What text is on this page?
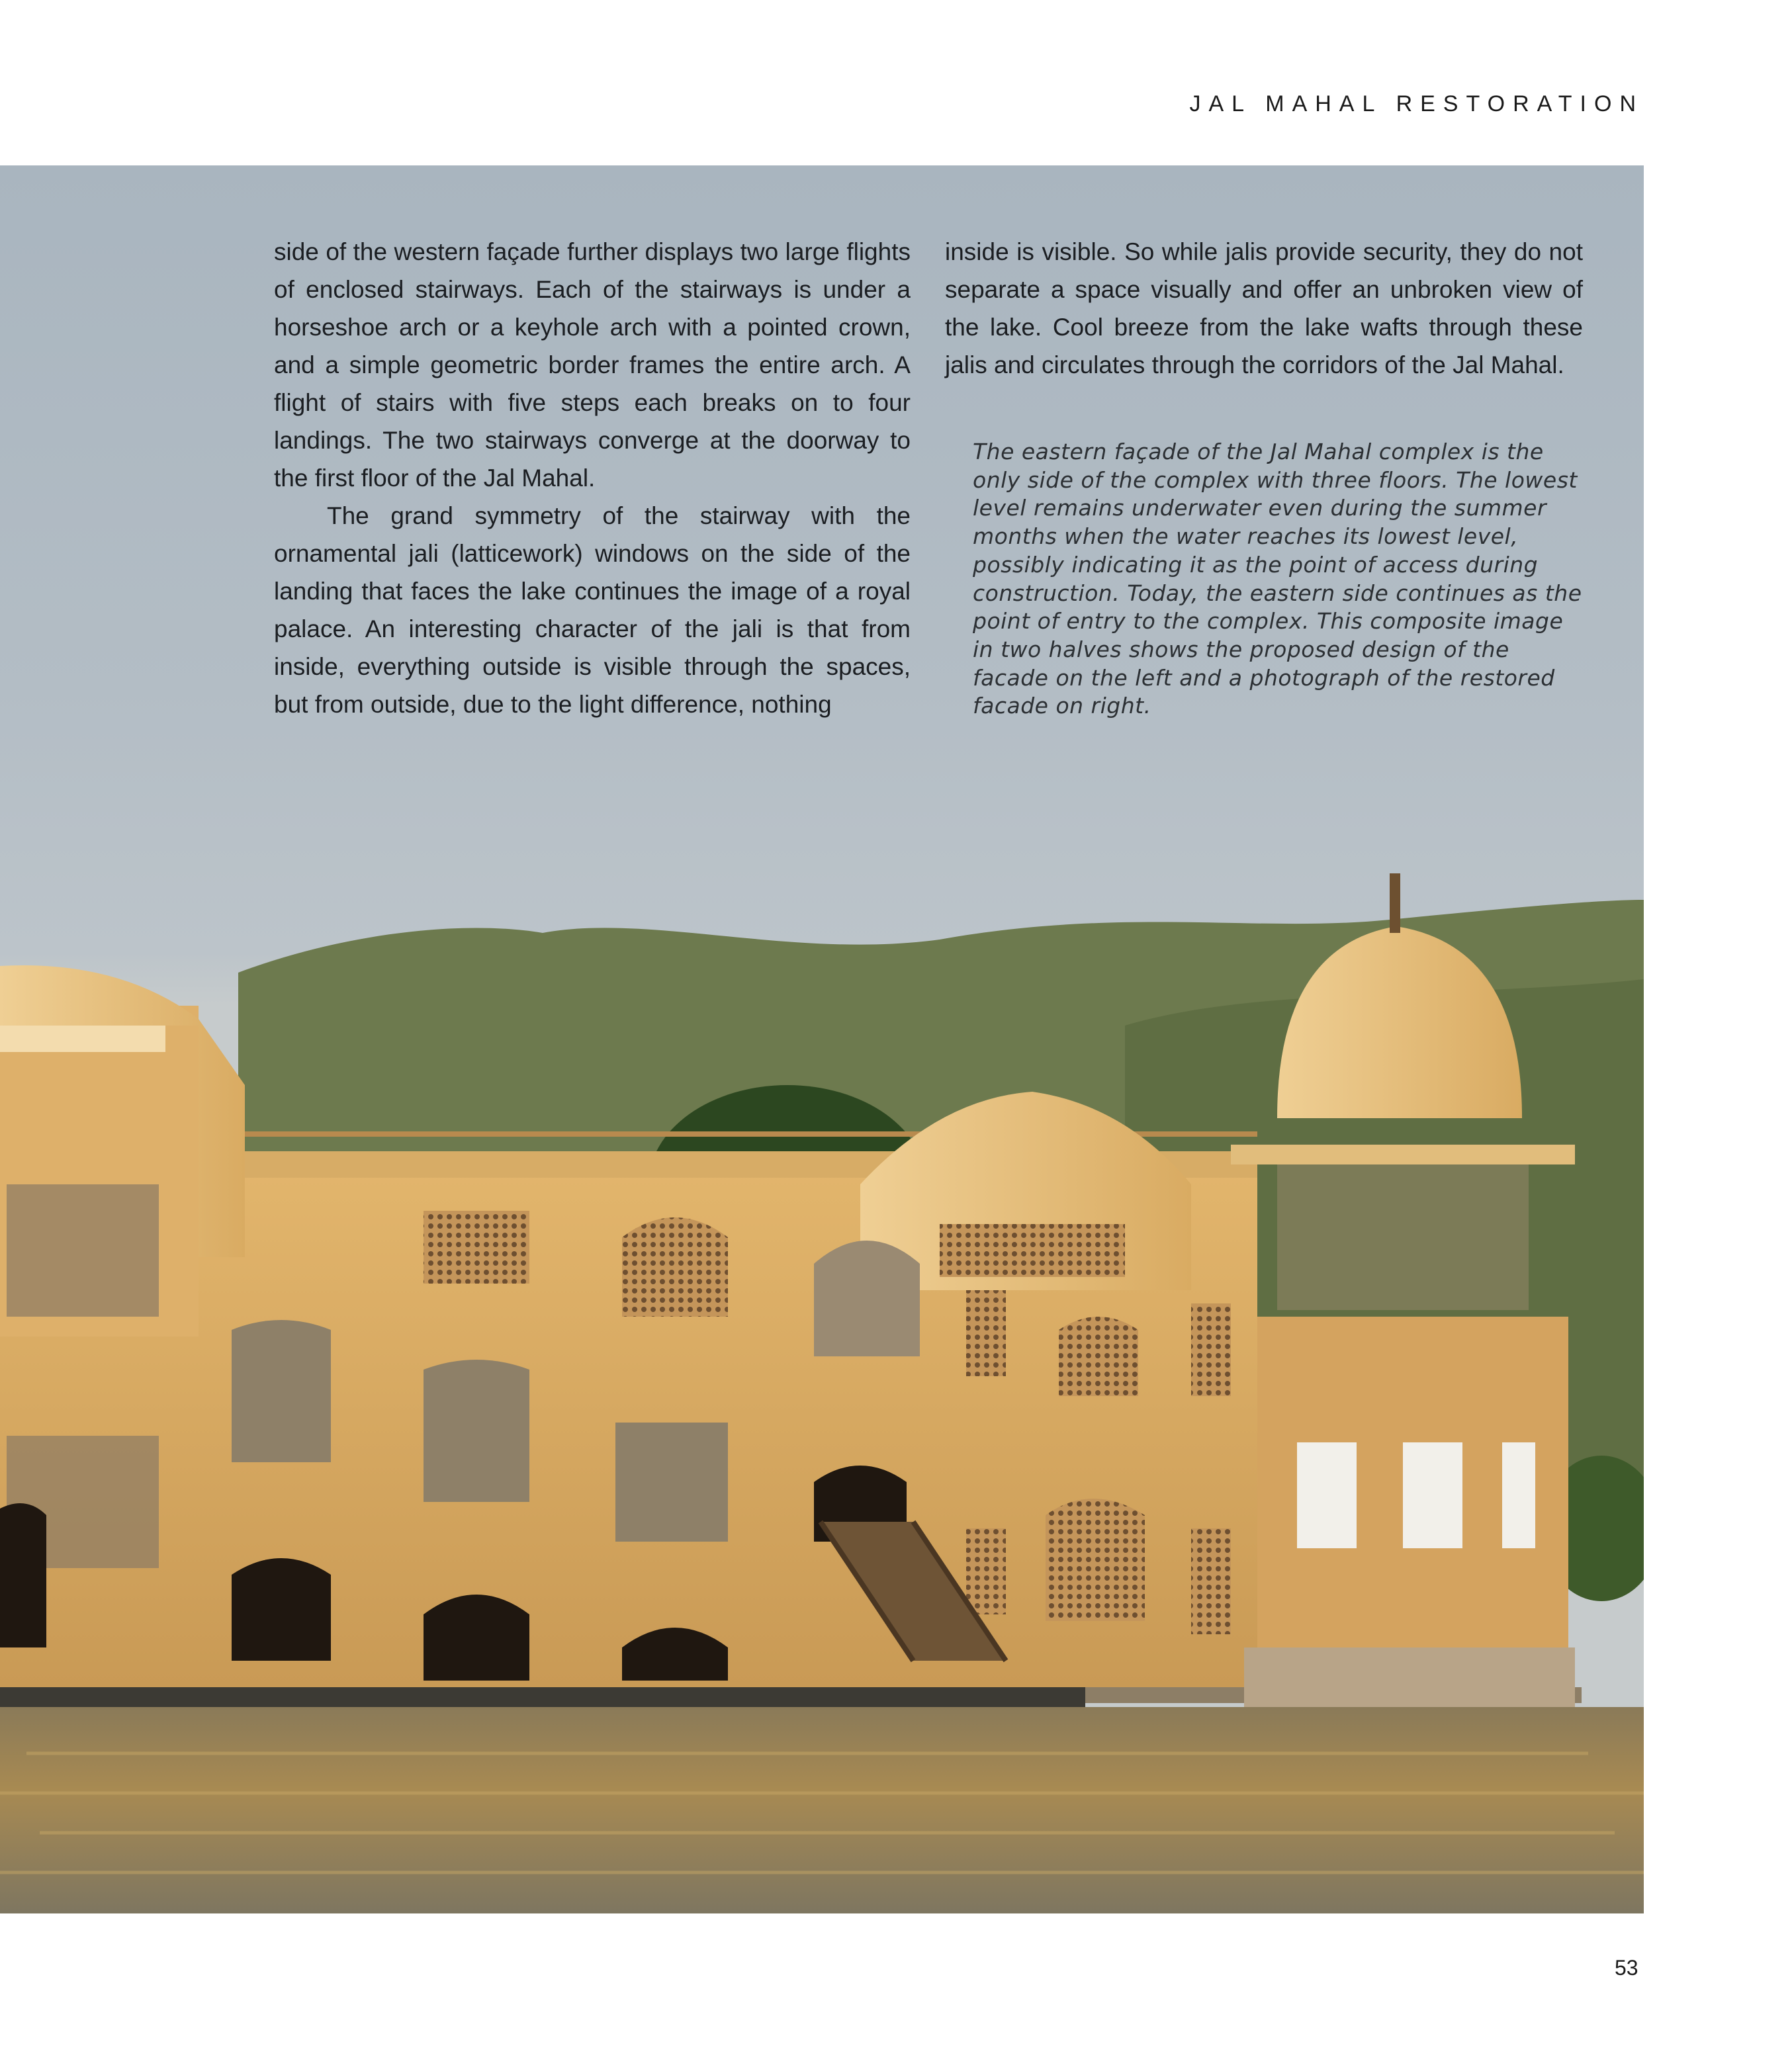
JAL MAHAL RESTORATION

side of the western façade further displays two large flights of enclosed stairways. Each of the stairways is under a horseshoe arch or a keyhole arch with a pointed crown, and a simple geometric border frames the entire arch. A flight of stairs with five steps each breaks on to four landings. The two stairways converge at the doorway to the first floor of the Jal Mahal.

The grand symmetry of the stairway with the ornamental jali (latticework) windows on the side of the landing that faces the lake continues the image of a royal palace. An interesting character of the jali is that from inside, everything outside is visible through the spaces, but from outside, due to the light difference, nothing

inside is visible. So while jalis provide security, they do not separate a space visually and offer an unbroken view of the lake. Cool breeze from the lake wafts through these jalis and circulates through the corridors of the Jal Mahal.

The eastern façade of the Jal Mahal complex is the only side of the complex with three floors. The lowest level remains underwater even during the summer months when the water reaches its lowest level, possibly indicating it as the point of access during construction. Today, the eastern side continues as the point of entry to the complex. This composite image in two halves shows the proposed design of the facade on the left and a photograph of the restored facade on right.

53
